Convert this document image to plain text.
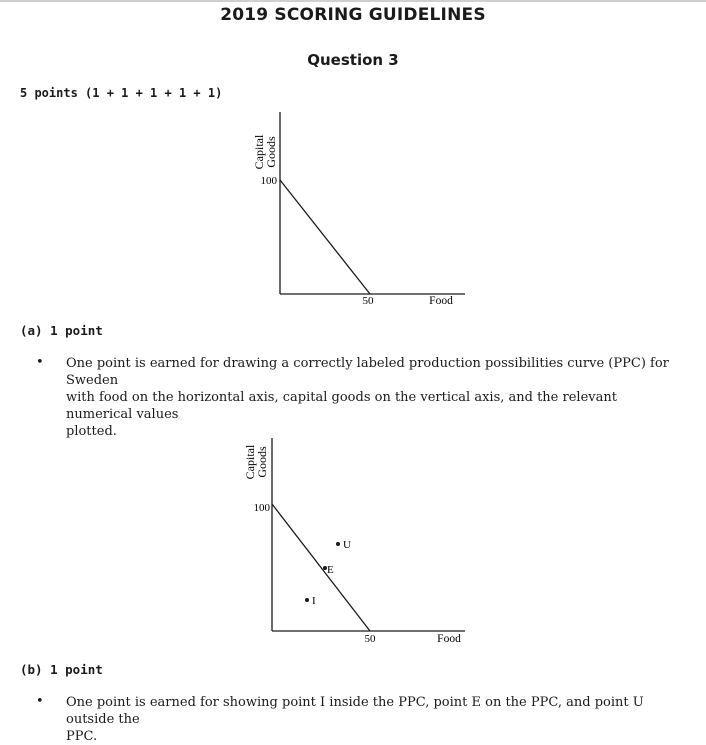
2019 SCORING GUIDELINES
Question 3
5 points (1 + 1 + 1 + 1 + 1)
Capital
Goods
100
50	Food
(a) 1 point
• One point is earned for drawing a correctly labeled production possibilities curve (PPC) for Sweden
with food on the horizontal axis, capital goods on the vertical axis, and the relevant numerical values
plotted.
Capital
Goods
100
50	Food
U
E
I
(b) 1 point
• One point is earned for showing point I inside the PPC, point E on the PPC, and point U outside the
PPC.
